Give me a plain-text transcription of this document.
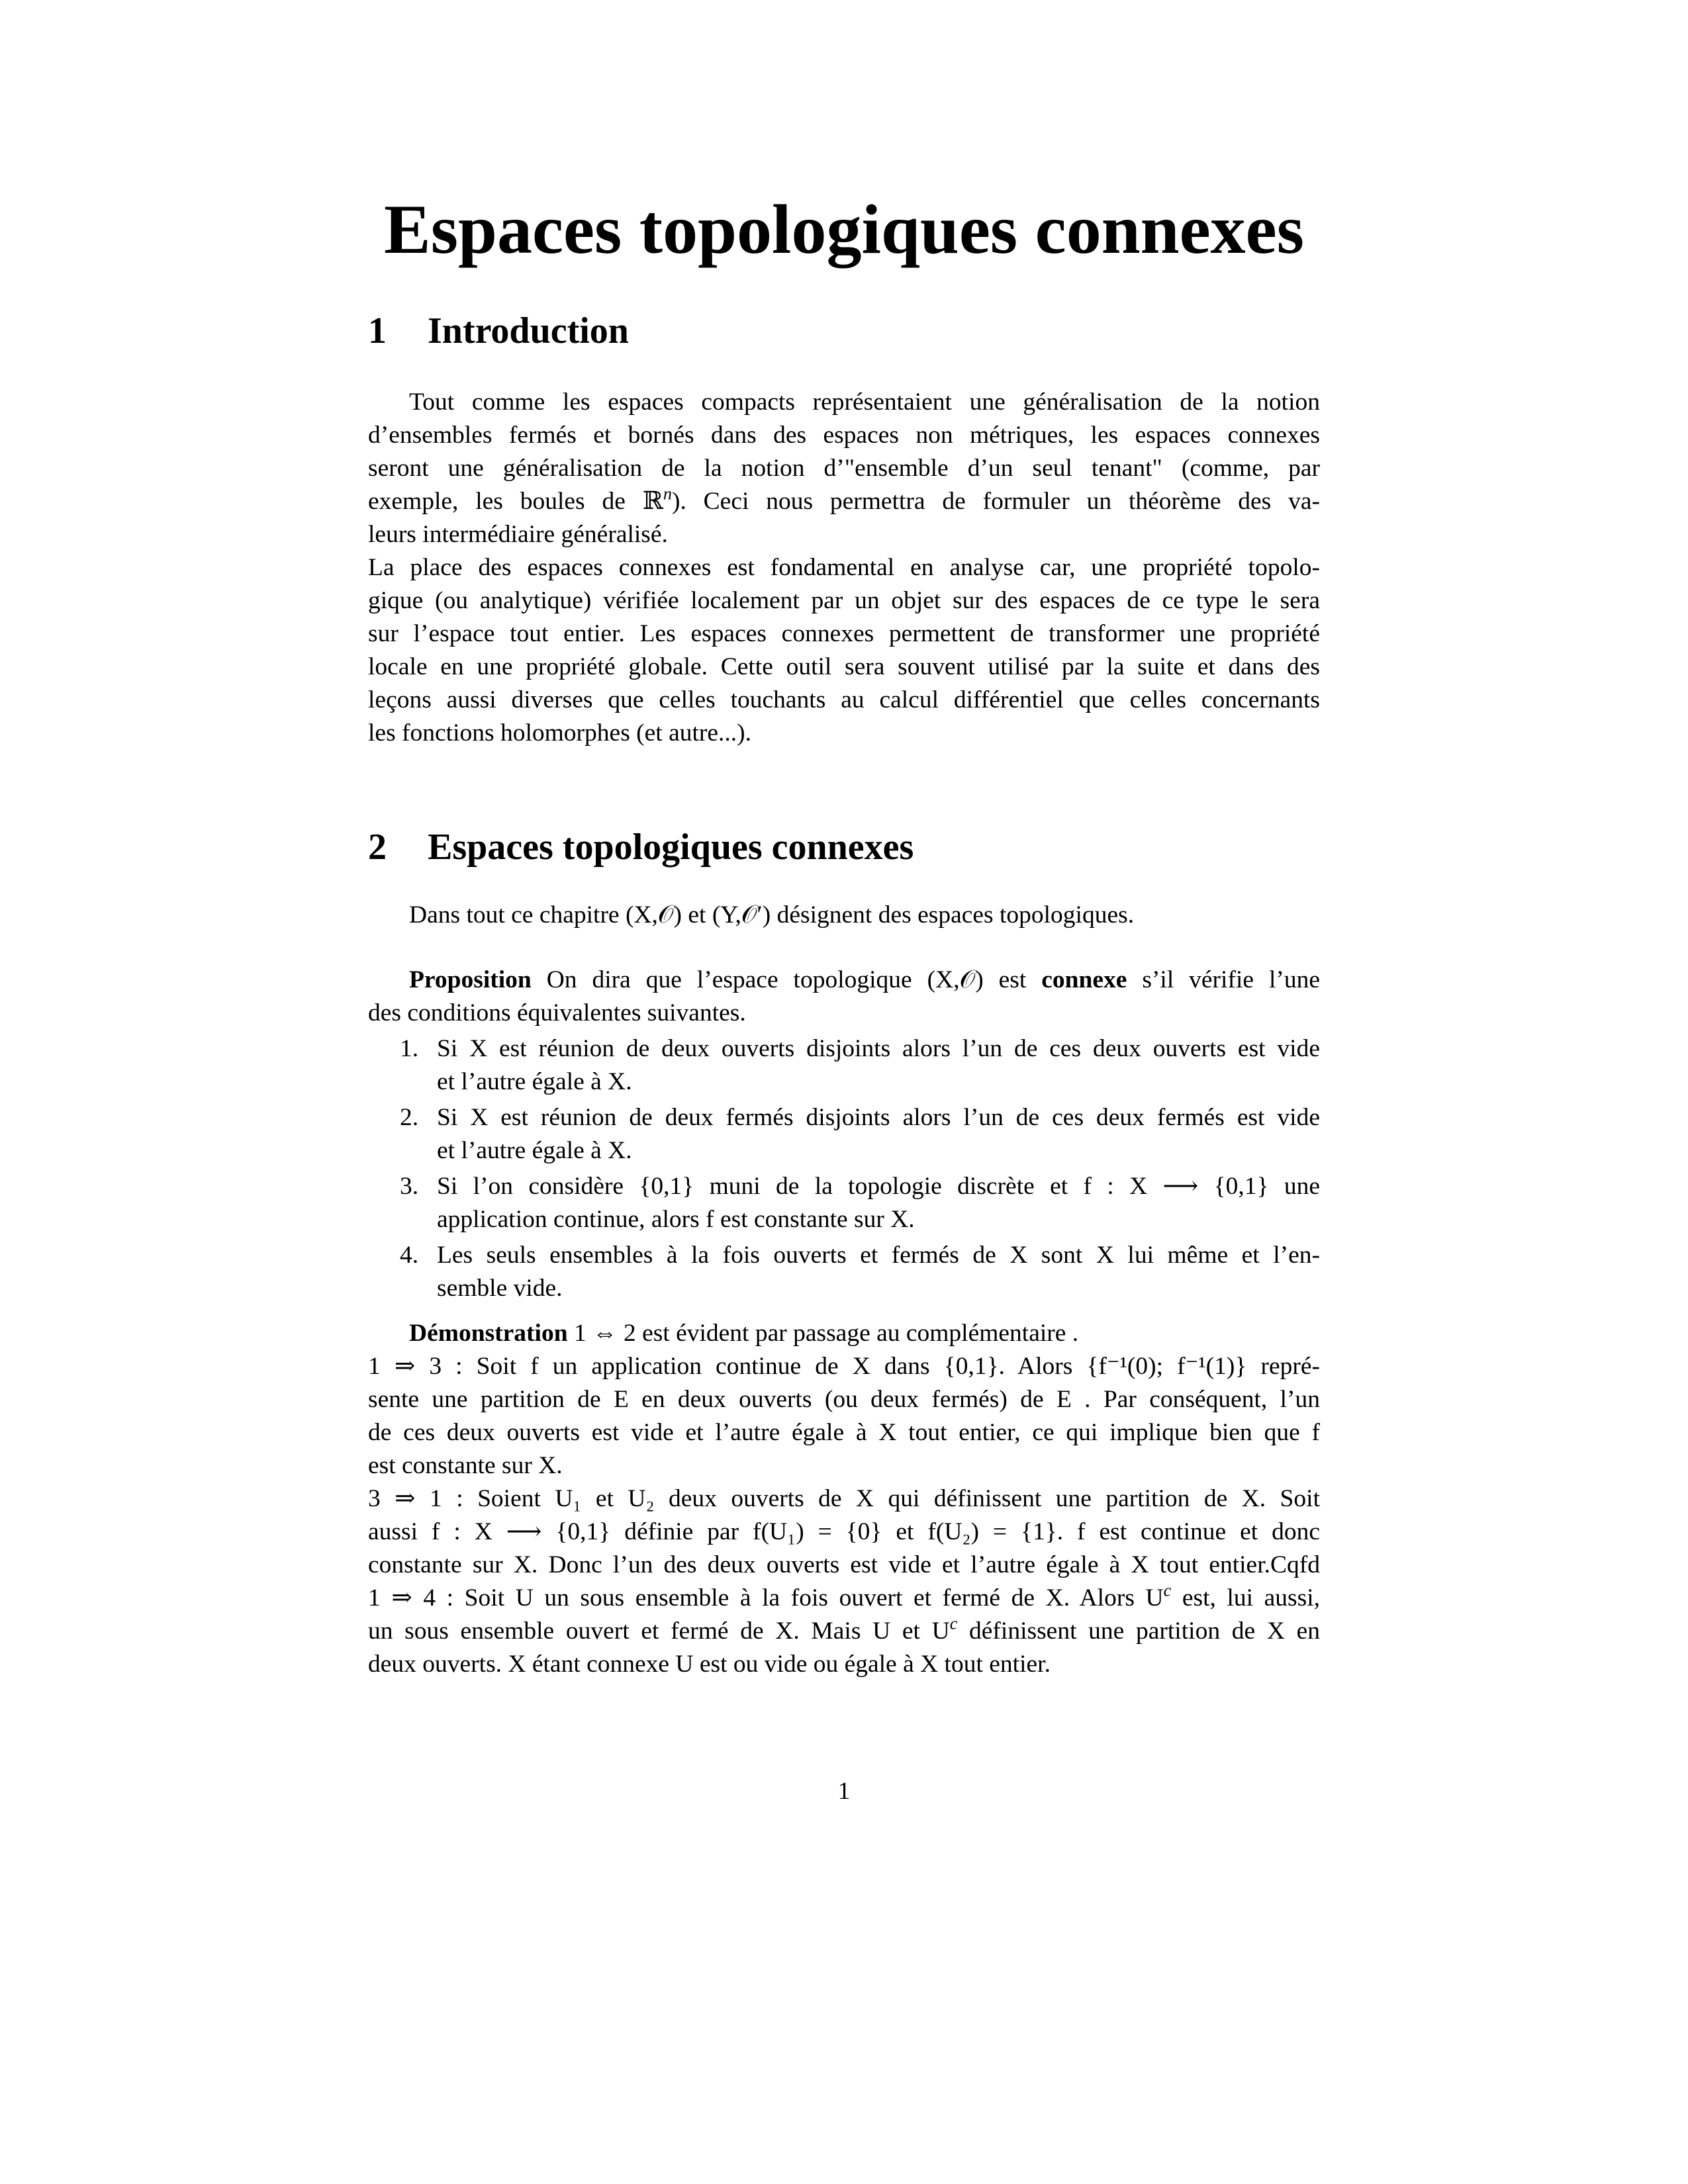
Espaces topologiques connexes
1 Introduction
Tout comme les espaces compacts représentaient une généralisation de la notion
d’ensembles fermés et bornés dans des espaces non métriques, les espaces connexes
seront une généralisation de la notion d’"ensemble d’un seul tenant" (comme, par
exemple, les boules de ℝ$^n$). Ceci nous permettra de formuler un théorème des va-
leurs intermédiaire généralisé.
La place des espaces connexes est fondamental en analyse car, une propriété topolo-
gique (ou analytique) vérifiée localement par un objet sur des espaces de ce type le sera
sur l’espace tout entier. Les espaces connexes permettent de transformer une propriété
locale en une propriété globale. Cette outil sera souvent utilisé par la suite et dans des
leçons aussi diverses que celles touchants au calcul différentiel que celles concernants
les fonctions holomorphes (et autre...).
2 Espaces topologiques connexes
Dans tout ce chapitre (X,𝒪) et (Y,𝒪′) désignent des espaces topologiques.
Proposition On dira que l’espace topologique (X,𝒪) est connexe s’il vérifie l’une
des conditions équivalentes suivantes.
1. Si X est réunion de deux ouverts disjoints alors l’un de ces deux ouverts est vide
et l’autre égale à X.
2. Si X est réunion de deux fermés disjoints alors l’un de ces deux fermés est vide
et l’autre égale à X.
3. Si l’on considère {0,1} muni de la topologie discrète et f : X ⟶ {0,1} une
application continue, alors f est constante sur X.
4. Les seuls ensembles à la fois ouverts et fermés de X sont X lui même et l’en-
semble vide.
Démonstration 1 ⇔ 2 est évident par passage au complémentaire .
1 ⇒ 3 : Soit f un application continue de X dans {0,1}. Alors {f⁻¹(0); f⁻¹(1)} repré-
sente une partition de E en deux ouverts (ou deux fermés) de E . Par conséquent, l’un
de ces deux ouverts est vide et l’autre égale à X tout entier, ce qui implique bien que f
est constante sur X.
3 ⇒ 1 : Soient U₁ et U₂ deux ouverts de X qui définissent une partition de X. Soit
aussi f : X ⟶ {0,1} définie par f(U₁) = {0} et f(U₂) = {1}. f est continue et donc
constante sur X. Donc l’un des deux ouverts est vide et l’autre égale à X tout entier.Cqfd
1 ⇒ 4 : Soit U un sous ensemble à la fois ouvert et fermé de X. Alors $U^c$ est, lui aussi,
un sous ensemble ouvert et fermé de X. Mais U et $U^c$ définissent une partition de X en
deux ouverts. X étant connexe U est ou vide ou égale à X tout entier.
1
